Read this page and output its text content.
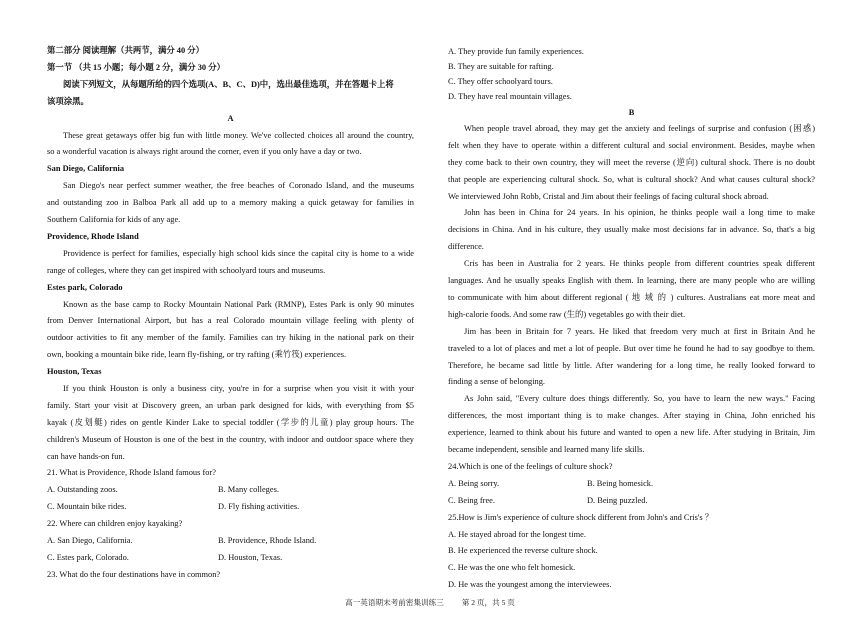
第二部分 阅读理解（共两节，满分 40 分）
第一节 （共 15 小题；每小题 2 分，满分 30 分）
阅读下列短文，从每题所给的四个选项(A、B、C、D)中，选出最佳选项，并在答题卡上将
该项涂黑。
A
These great getaways offer big fun with little money. We've collected choices all around the country,
so a wonderful vacation is always right around the corner, even if you only have a day or two.
San Diego, California
San Diego's near perfect summer weather, the free beaches of Coronado Island, and the museums
and outstanding zoo in Balboa Park all add up to a memory making a quick getaway for families in
Southern California for kids of any age.
Providence, Rhode Island
Providence is perfect for families, especially high school kids since the capital city is home to a wide
range of colleges, where they can get inspired with schoolyard tours and museums.
Estes park, Colorado
Known as the base camp to Rocky Mountain National Park (RMNP), Estes Park is only 90 minutes
from Denver International Airport, but has a real Colorado mountain village feeling with plenty of
outdoor activities to fit any member of the family. Families can try hiking in the national park on their
own, booking a mountain bike ride, learn fly-fishing, or try rafting (乘竹筏) experiences.
Houston, Texas
If you think Houston is only a business city, you're in for a surprise when you visit it with your
family. Start your visit at Discovery green, an urban park designed for kids, with everything from $5
kayak (皮划艇) rides on gentle Kinder Lake to special toddler (学步的儿童) play group hours. The
children's Museum of Houston is one of the best in the country, with indoor and outdoor space where they
can have hands-on fun.
21. What is Providence, Rhode Island famous for?
A. Outstanding zoos.	B. Many colleges.
C. Mountain bike rides.	D. Fly fishing activities.
22. Where can children enjoy kayaking?
A. San Diego, California.	B. Providence, Rhode Island.
C. Estes park, Colorado.	D. Houston, Texas.
23. What do the four destinations have in common?
A. They provide fun family experiences.
B. They are suitable for rafting.
C. They offer schoolyard tours.
D. They have real mountain villages.
B
When people travel abroad, they may get the anxiety and feelings of surprise and confusion (困惑)
felt when they have to operate within a different cultural and social environment. Besides, maybe when
they come back to their own country, they will meet the reverse (逆向) cultural shock. There is no doubt
that people are experiencing cultural shock. So, what is cultural shock? And what causes cultural shock?
We interviewed John Robb, Cristal and Jim about their feelings of facing cultural shock abroad.
John has been in China for 24 years. In his opinion, he thinks people wail a long time to make
decisions in China. And in his culture, they usually make most decisions far in advance. So, that's a big
difference.
Cris has been in Australia for 2 years. He thinks people from different countries speak different
languages. And he usually speaks English with them. In learning, there are many people who are willing
to communicate with him about different regional ( 地 域 的 ) cultures. Australians eat more meat and
high-calorie foods. And some raw (生的) vegetables go with their diet.
Jim has been in Britain for 7 years. He liked that freedom very much at first in Britain And he
traveled to a lot of places and met a lot of people. But over time he found he had to say goodbye to them.
Therefore, he became sad little by little. After wandering for a long time, he really looked forward to
finding a sense of belonging.
As John said, "Every culture does things differently. So, you have to learn the new ways." Facing
differences, the most important thing is to make changes. After staying in China, John enriched his
experience, learned to think about his future and wanted to open a new life. After studying in Britain, Jim
became independent, sensible and learned many life skills.
24.Which is one of the feelings of culture shock?
A. Being sorry.	B. Being homesick.
C. Being free.	D. Being puzzled.
25.How is Jim's experience of culture shock different from John's and Cris's ？
A. He stayed abroad for the longest time.
B. He experienced the reverse culture shock.
C. He was the one who felt homesick.
D. He was the youngest among the interviewees.
高一英语期末考前密集训练三 第 2 页，共 5 页
